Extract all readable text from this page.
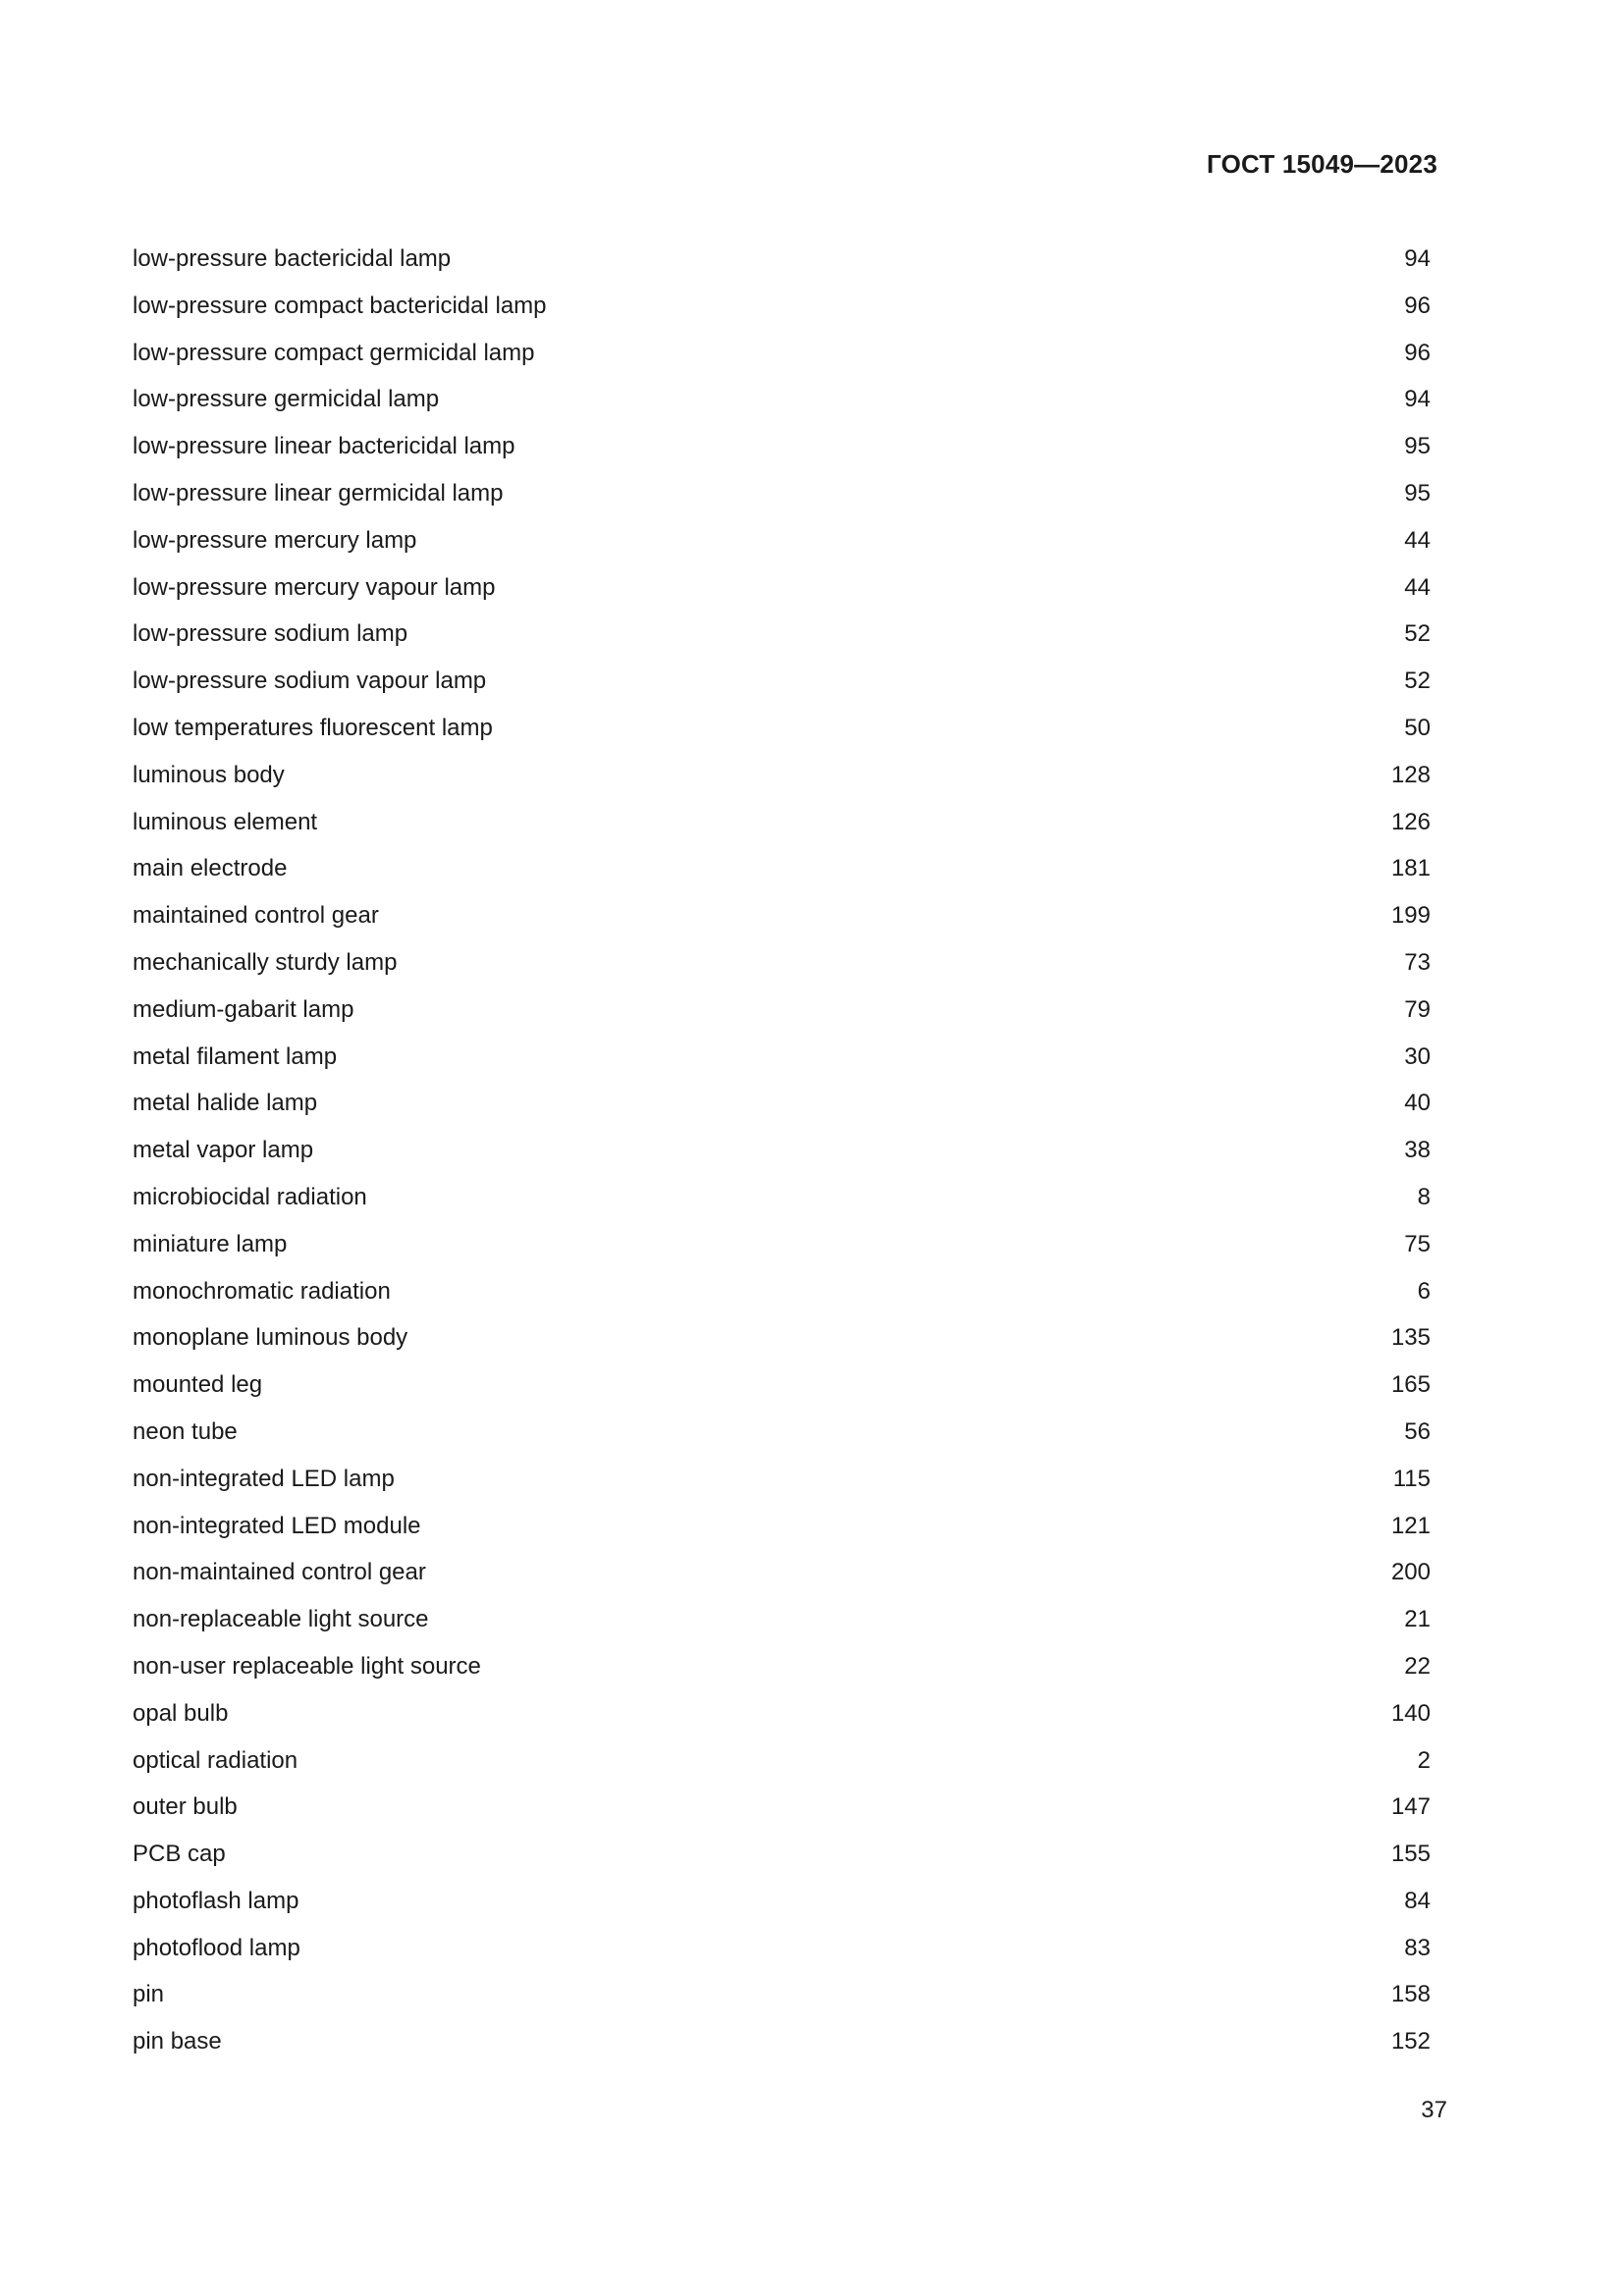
ГОСТ 15049—2023
low-pressure bactericidal lamp	94
low-pressure compact bactericidal lamp	96
low-pressure compact germicidal lamp	96
low-pressure germicidal lamp	94
low-pressure linear bactericidal lamp	95
low-pressure linear germicidal lamp	95
low-pressure mercury lamp	44
low-pressure mercury vapour lamp	44
low-pressure sodium lamp	52
low-pressure sodium vapour lamp	52
low temperatures fluorescent lamp	50
luminous body	128
luminous element	126
main electrode	181
maintained control gear	199
mechanically sturdy lamp	73
medium-gabarit lamp	79
metal filament lamp	30
metal halide lamp	40
metal vapor lamp	38
microbiocidal radiation	8
miniature lamp	75
monochromatic radiation	6
monoplane luminous body	135
mounted leg	165
neon tube	56
non-integrated LED lamp	115
non-integrated LED module	121
non-maintained control gear	200
non-replaceable light source	21
non-user replaceable light source	22
opal bulb	140
optical radiation	2
outer bulb	147
PCB cap	155
photoflash lamp	84
photoflood lamp	83
pin	158
pin base	152
37
